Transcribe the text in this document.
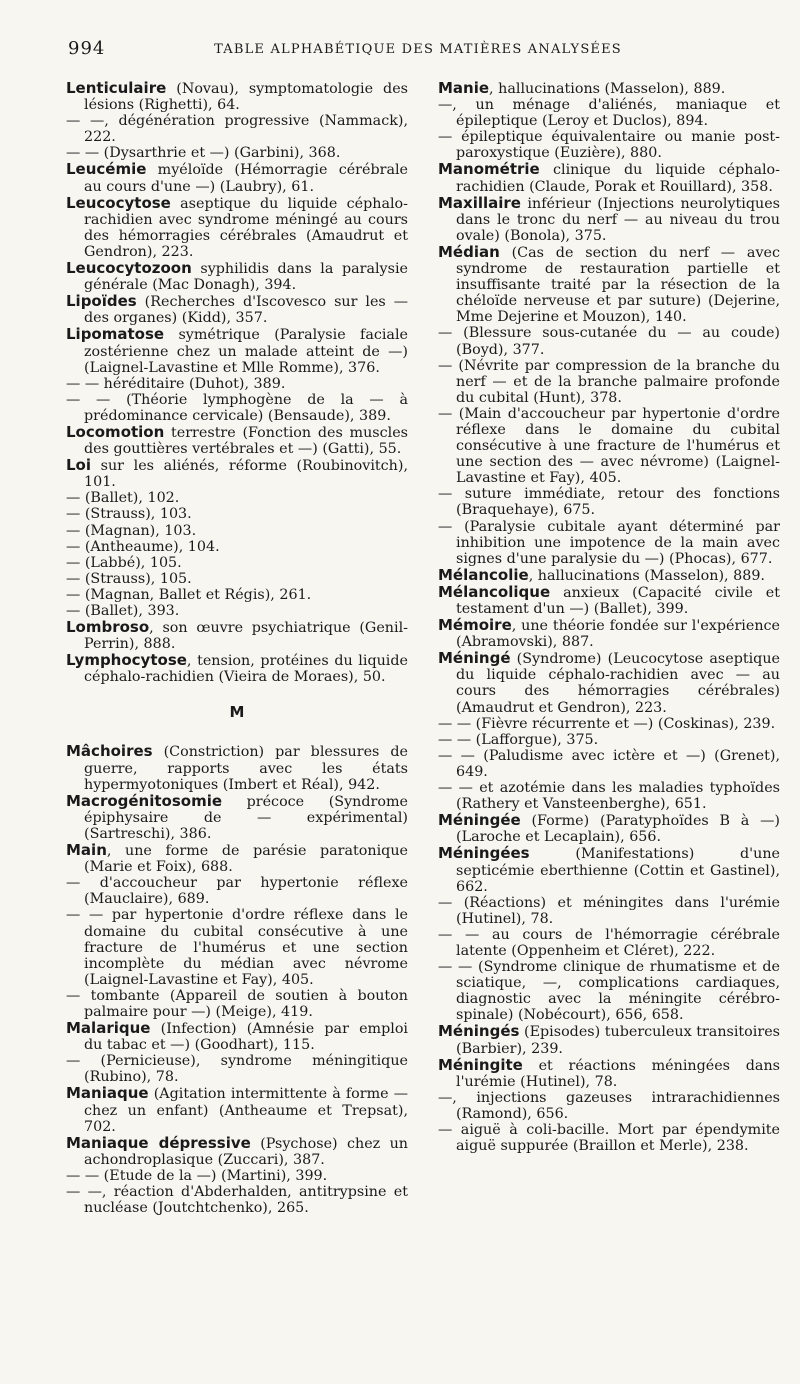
994	TABLE ALPHABÉTIQUE DES MATIÈRES ANALYSÉES

Lenticulaire (Novau), symptomatologie des lésions (Righetti), 64.

— —, dégénération progressive (Nammack), 222.

— — (Dysarthrie et —) (Garbini), 368.

Leucémie myéloïde (Hémorragie cérébrale au cours d'une —) (Laubry), 61.

Leucocytose aseptique du liquide céphalo-rachidien avec syndrome méningé au cours des hémorragies cérébrales (Amaudrut et Gendron), 223.

Leucocytozoon syphilidis dans la paralysie générale (Mac Donagh), 394.

Lipoïdes (Recherches d'Iscovesco sur les — des organes) (Kidd), 357.

Lipomatose symétrique (Paralysie faciale zostérienne chez un malade atteint de —) (Laignel-Lavastine et Mlle Romme), 376.

— — héréditaire (Duhot), 389.

— — (Théorie lymphogène de la — à prédominance cervicale) (Bensaude), 389.

Locomotion terrestre (Fonction des muscles des gouttières vertébrales et —) (Gatti), 55.

Loi sur les aliénés, réforme (Roubinovitch), 101.

— (Ballet), 102.

— (Strauss), 103.

— (Magnan), 103.

— (Antheaume), 104.

— (Labbé), 105.

— (Strauss), 105.

— (Magnan, Ballet et Régis), 261.

— (Ballet), 393.

Lombroso, son œuvre psychiatrique (Genil-Perrin), 888.

Lymphocytose, tension, protéines du liquide céphalo-rachidien (Vieira de Moraes), 50.

M

Mâchoires (Constriction) par blessures de guerre, rapports avec les états hypermyotoniques (Imbert et Réal), 942.

Macrogénitosomie précoce (Syndrome épiphysaire de — expérimental) (Sartreschi), 386.

Main, une forme de parésie paratonique (Marie et Foix), 688.

— d'accoucheur par hypertonie réflexe (Mauclaire), 689.

— — par hypertonie d'ordre réflexe dans le domaine du cubital consécutive à une fracture de l'humérus et une section incomplète du médian avec névrome (Laignel-Lavastine et Fay), 405.

— tombante (Appareil de soutien à bouton palmaire pour —) (Meige), 419.

Malarique (Infection) (Amnésie par emploi du tabac et —) (Goodhart), 115.

— (Pernicieuse), syndrome méningitique (Rubino), 78.

Maniaque (Agitation intermittente à forme — chez un enfant) (Antheaume et Trepsat), 702.

Maniaque dépressive (Psychose) chez un achondroplasique (Zuccari), 387.

— — (Etude de la —) (Martini), 399.

— —, réaction d'Abderhalden, antitrypsine et nucléase (Joutchtchenko), 265.

Manie, hallucinations (Masselon), 889.

—, un ménage d'aliénés, maniaque et épileptique (Leroy et Duclos), 894.

— épileptique équivalentaire ou manie post-paroxystique (Euzière), 880.

Manométrie clinique du liquide céphalo-rachidien (Claude, Porak et Rouillard), 358.

Maxillaire inférieur (Injections neurolytiques dans le tronc du nerf — au niveau du trou ovale) (Bonola), 375.

Médian (Cas de section du nerf — avec syndrome de restauration partielle et insuffisante traité par la résection de la chéloïde nerveuse et par suture) (Dejerine, Mme Dejerine et Mouzon), 140.

— (Blessure sous-cutanée du — au coude) (Boyd), 377.

— (Névrite par compression de la branche du nerf — et de la branche palmaire profonde du cubital (Hunt), 378.

— (Main d'accoucheur par hypertonie d'ordre réflexe dans le domaine du cubital consécutive à une fracture de l'humérus et une section des — avec névrome) (Laignel-Lavastine et Fay), 405.

— suture immédiate, retour des fonctions (Braquehaye), 675.

— (Paralysie cubitale ayant déterminé par inhibition une impotence de la main avec signes d'une paralysie du —) (Phocas), 677.

Mélancolie, hallucinations (Masselon), 889.

Mélancolique anxieux (Capacité civile et testament d'un —) (Ballet), 399.

Mémoire, une théorie fondée sur l'expérience (Abramovski), 887.

Méningé (Syndrome) (Leucocytose aseptique du liquide céphalo-rachidien avec — au cours des hémorragies cérébrales) (Amaudrut et Gendron), 223.

— — (Fièvre récurrente et —) (Coskinas), 239.

— — (Lafforgue), 375.

— — (Paludisme avec ictère et —) (Grenet), 649.

— — et azotémie dans les maladies typhoïdes (Rathery et Vansteenberghe), 651.

Méningée (Forme) (Paratyphoïdes B à —) (Laroche et Lecaplain), 656.

Méningées (Manifestations) d'une septicémie eberthienne (Cottin et Gastinel), 662.

— (Réactions) et méningites dans l'urémie (Hutinel), 78.

— — au cours de l'hémorragie cérébrale latente (Oppenheim et Cléret), 222.

— — (Syndrome clinique de rhumatisme et de sciatique, —, complications cardiaques, diagnostic avec la méningite cérébro-spinale) (Nobécourt), 656, 658.

Méningés (Episodes) tuberculeux transitoires (Barbier), 239.

Méningite et réactions méningées dans l'urémie (Hutinel), 78.

—, injections gazeuses intrarachidiennes (Ramond), 656.

— aiguë à coli-bacille. Mort par épendymite aiguë suppurée (Braillon et Merle), 238.
